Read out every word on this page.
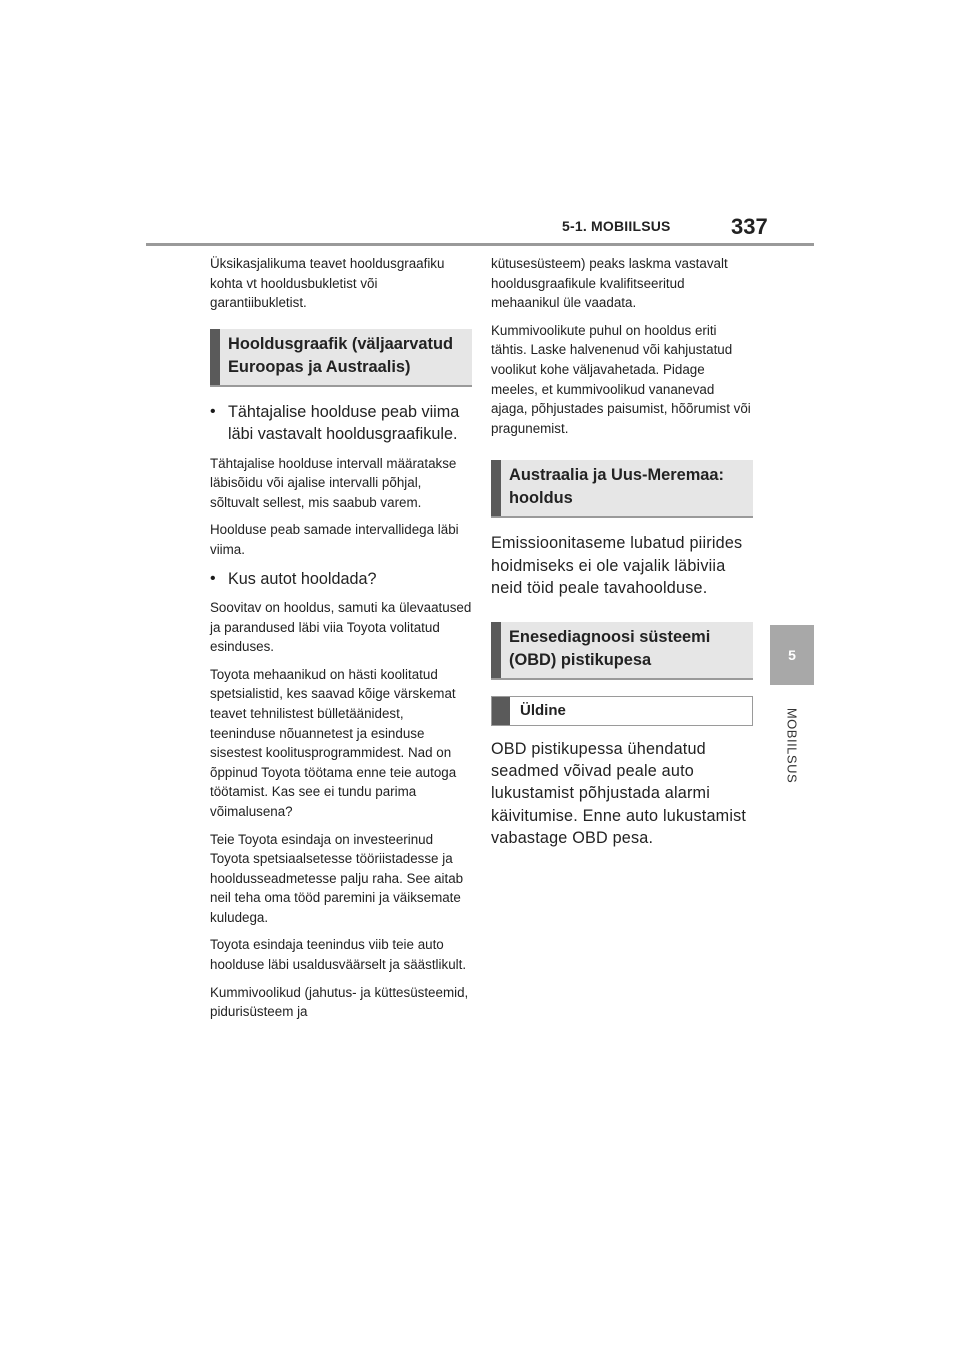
5-1. MOBIILSUS	337
5
MOBIILSUS

Üksikasjalikuma teavet hooldusgraafiku kohta vt hooldusbukletist või garantiibukletist.

Hooldusgraafik (väljaarvatud Euroopas ja Austraalis)
• Tähtajalise hoolduse peab viima läbi vastavalt hooldusgraafikule.

Tähtajalise hoolduse intervall määratakse läbisõidu või ajalise intervalli põhjal, sõltuvalt sellest, mis saabub varem.

Hoolduse peab samade intervallidega läbi viima.

• Kus autot hooldada?

Soovitav on hooldus, samuti ka ülevaatused ja parandused läbi viia Toyota volitatud esinduses.

Toyota mehaanikud on hästi koolitatud spetsialistid, kes saavad kõige värskemat teavet tehnilistest bülletäänidest, teeninduse nõuannetest ja esinduse sisestest koolitusprogrammidest. Nad on õppinud Toyota töötama enne teie autoga töötamist. Kas see ei tundu parima võimalusena?

Teie Toyota esindaja on investeerinud Toyota spetsiaalsetesse tööriistadesse ja hooldusseadmetesse palju raha. See aitab neil teha oma tööd paremini ja väiksemate kuludega.

Toyota esindaja teenindus viib teie auto hoolduse läbi usaldusväärselt ja säästlikult.

Kummivoolikud (jahutus- ja küttesüsteemid, pidurisüsteem ja

kütusesüsteem) peaks laskma vastavalt hooldusgraafikule kvalifitseeritud mehaanikul üle vaadata.

Kummivoolikute puhul on hooldus eriti tähtis. Laske halvenenud või kahjustatud voolikut kohe väljavahetada. Pidage meeles, et kummivoolikud vananevad ajaga, põhjustades paisumist, hõõrumist või pragunemist.

Austraalia ja Uus-Meremaa: hooldus

Emissioonitaseme lubatud piirides hoidmiseks ei ole vajalik läbiviia neid töid peale tavahoolduse.

Enesediagnoosi süsteemi (OBD) pistikupesa
Üldine

OBD pistikupessa ühendatud seadmed võivad peale auto lukustamist põhjustada alarmi käivitumise. Enne auto lukustamist vabastage OBD pesa.
